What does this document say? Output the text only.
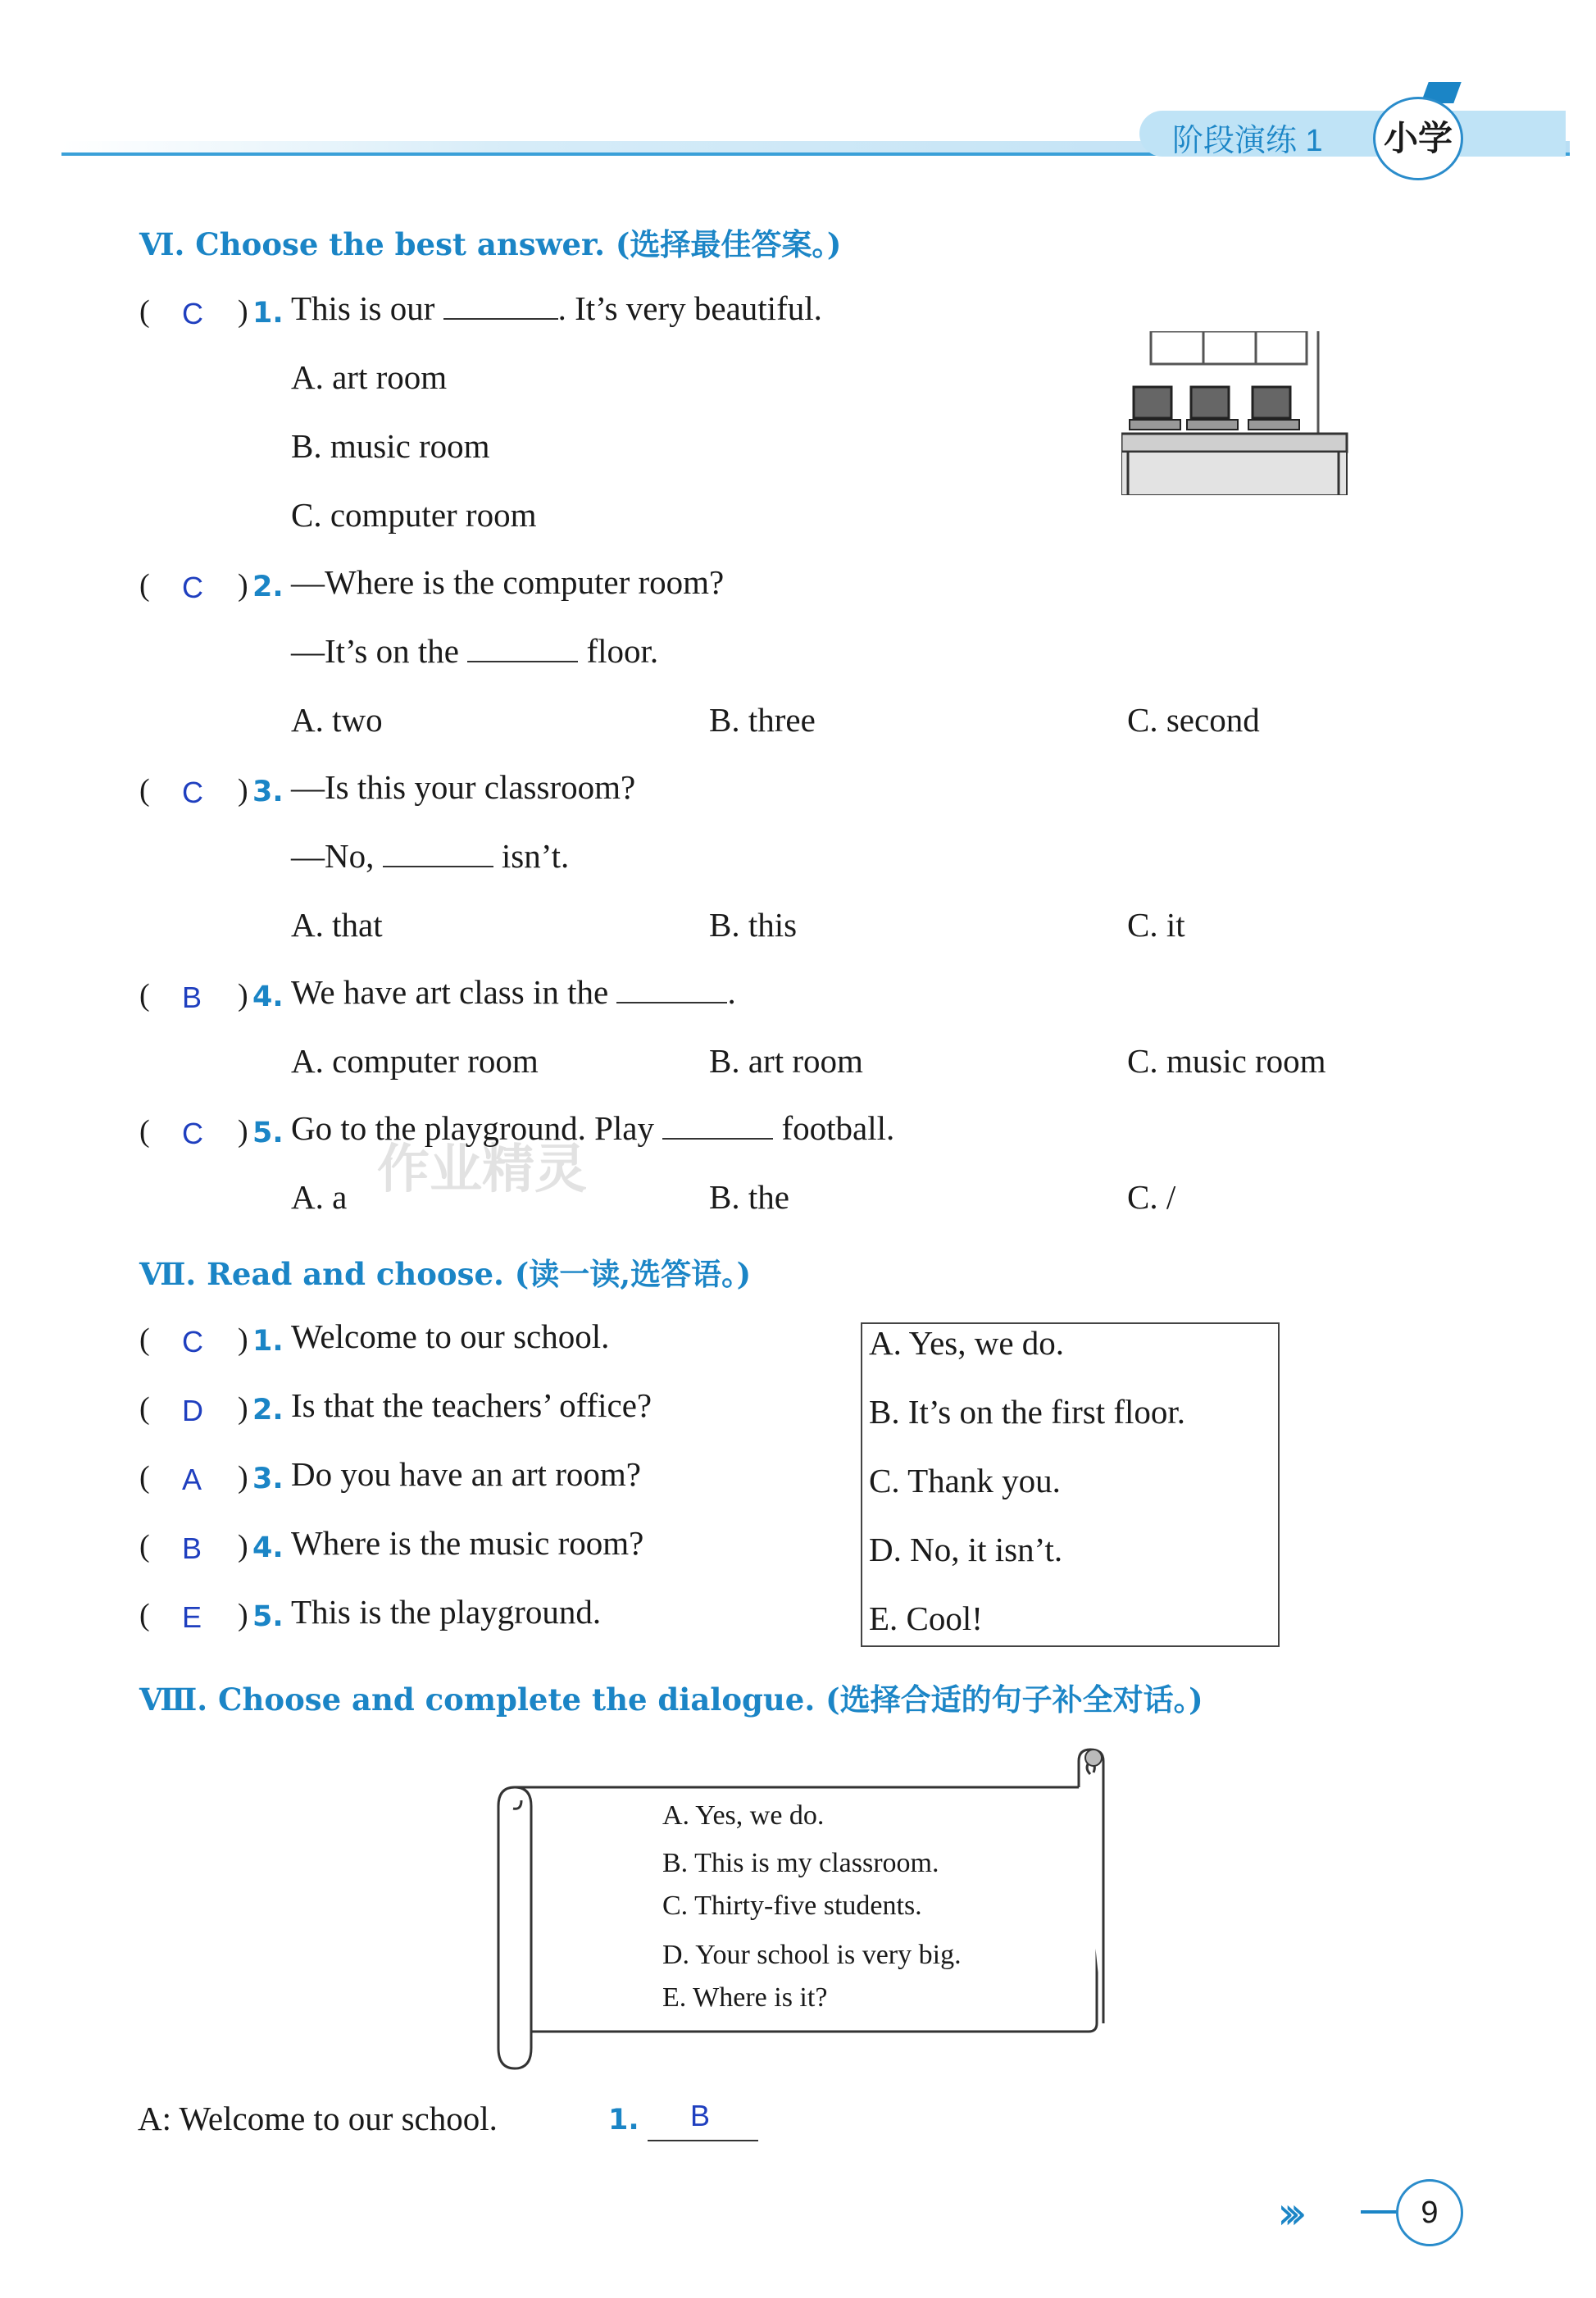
阶段演练 1	小学
作业精灵
Ⅵ. Choose the best answer. (选择最佳答案。)
( C ) 1. This is our	. It’s very beautiful.
A. art room
B. music room
C. computer room
( C ) 2. —Where is the computer room?
—It’s on the	floor.
A. two	B. three	C. second
( C ) 3. —Is this your classroom?
—No,	isn’t.
A. that	B. this	C. it
( B ) 4. We have art class in the	.
A. computer room	B. art room	C. music room
( C ) 5. Go to the playground. Play	football.
A. a	B. the	C. /
Ⅶ. Read and choose. (读一读,选答语。)
( C ) 1. Welcome to our school.
( D ) 2. Is that the teachers’ office?
( A ) 3. Do you have an art room?
( B ) 4. Where is the music room?
( E ) 5. This is the playground.
A. Yes, we do.
B. It’s on the first floor.
C. Thank you.
D. No, it isn’t.
E. Cool!
Ⅷ. Choose and complete the dialogue. (选择合适的句子补全对话。)
A. Yes, we do.
B. This is my classroom.
C. Thirty-five students.
D. Your school is very big.
E. Where is it?
A: Welcome to our school.	1. B
›››	9
